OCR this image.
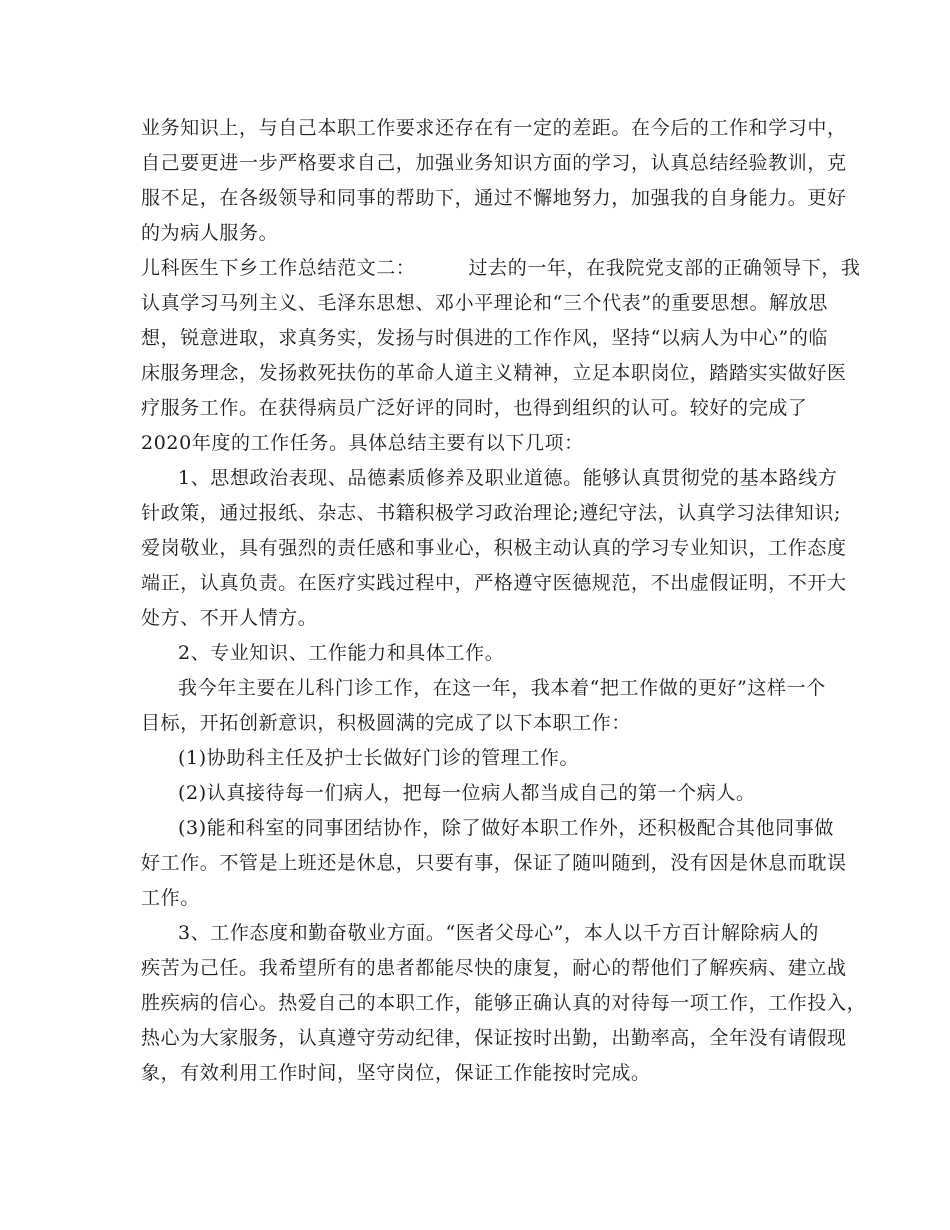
业务知识上，与自己本职工作要求还存在有一定的差距。在今后的工作和学习中，
自己要更进一步严格要求自己，加强业务知识方面的学习，认真总结经验教训，克
服不足，在各级领导和同事的帮助下，通过不懈地努力，加强我的自身能力。更好
的为病人服务。
儿科医生下乡工作总结范文二：        过去的一年，在我院党支部的正确领导下，我
认真学习马列主义、毛泽东思想、邓小平理论和“三个代表”的重要思想。解放思
想，锐意进取，求真务实，发扬与时俱进的工作作风，坚持“以病人为中心”的临
床服务理念，发扬救死扶伤的革命人道主义精神，立足本职岗位，踏踏实实做好医
疗服务工作。在获得病员广泛好评的同时，也得到组织的认可。较好的完成了
2020年度的工作任务。具体总结主要有以下几项：
1、思想政治表现、品德素质修养及职业道德。能够认真贯彻党的基本路线方
针政策，通过报纸、杂志、书籍积极学习政治理论;遵纪守法，认真学习法律知识;
爱岗敬业，具有强烈的责任感和事业心，积极主动认真的学习专业知识，工作态度
端正，认真负责。在医疗实践过程中，严格遵守医德规范，不出虚假证明，不开大
处方、不开人情方。
2、专业知识、工作能力和具体工作。
我今年主要在儿科门诊工作，在这一年，我本着“把工作做的更好”这样一个
目标，开拓创新意识，积极圆满的完成了以下本职工作：
(1)协助科主任及护士长做好门诊的管理工作。
(2)认真接待每一们病人，把每一位病人都当成自己的第一个病人。
(3)能和科室的同事团结协作，除了做好本职工作外，还积极配合其他同事做
好工作。不管是上班还是休息，只要有事，保证了随叫随到，没有因是休息而耽误
工作。
3、工作态度和勤奋敬业方面。“医者父母心”，本人以千方百计解除病人的
疾苦为己任。我希望所有的患者都能尽快的康复，耐心的帮他们了解疾病、建立战
胜疾病的信心。热爱自己的本职工作，能够正确认真的对待每一项工作，工作投入，
热心为大家服务，认真遵守劳动纪律，保证按时出勤，出勤率高，全年没有请假现
象，有效利用工作时间，坚守岗位，保证工作能按时完成。
